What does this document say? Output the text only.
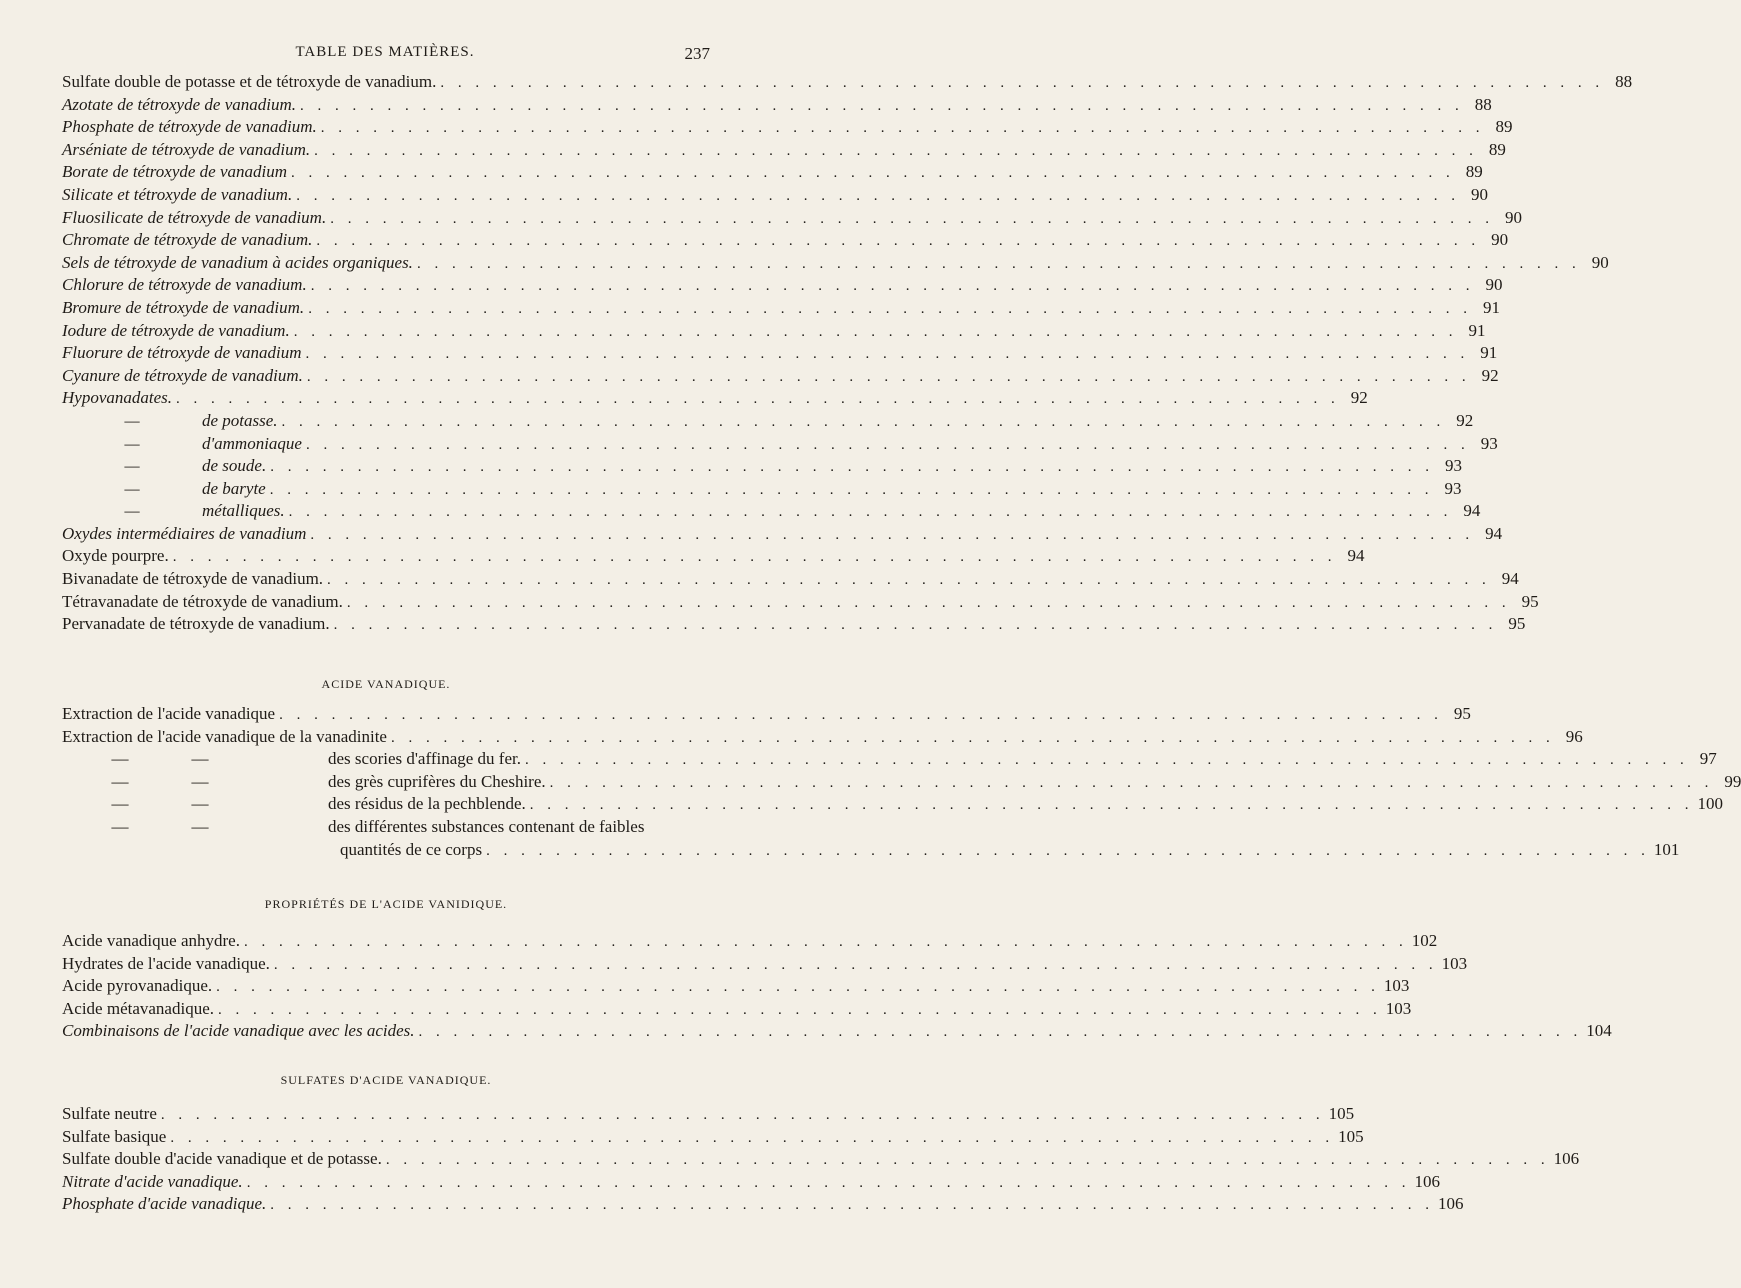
TABLE DES MATIÈRES.	237
Sulfate double de potasse et de tétroxyde de vanadium. . . . . . . . . . . . . . . . . . . . . . . . . . . . . . . . . . . . . . . . . . . . . . . . . . . . . . . . . . . . . . . . . . . . 88
Azotate de tétroxyde de vanadium. . . . . . . . . . . . . . . . . . . . . . . . . . . . . . . . . . . . . . . . . . . . . . . . . . . . . . . . . . . . . . . . . . . . 88
Phosphate de tétroxyde de vanadium. . . . . . . . . . . . . . . . . . . . . . . . . . . . . . . . . . . . . . . . . . . . . . . . . . . . . . . . . . . . . . . . . . . . 89
Arséniate de tétroxyde de vanadium. . . . . . . . . . . . . . . . . . . . . . . . . . . . . . . . . . . . . . . . . . . . . . . . . . . . . . . . . . . . . . . . . . . . 89
Borate de tétroxyde de vanadium . . . . . . . . . . . . . . . . . . . . . . . . . . . . . . . . . . . . . . . . . . . . . . . . . . . . . . . . . . . . . . . . . . . 89
Silicate et tétroxyde de vanadium. . . . . . . . . . . . . . . . . . . . . . . . . . . . . . . . . . . . . . . . . . . . . . . . . . . . . . . . . . . . . . . . . . . . 90
Fluosilicate de tétroxyde de vanadium. . . . . . . . . . . . . . . . . . . . . . . . . . . . . . . . . . . . . . . . . . . . . . . . . . . . . . . . . . . . . . . . . . . . 90
Chromate de tétroxyde de vanadium. . . . . . . . . . . . . . . . . . . . . . . . . . . . . . . . . . . . . . . . . . . . . . . . . . . . . . . . . . . . . . . . . . . . 90
Sels de tétroxyde de vanadium à acides organiques. . . . . . . . . . . . . . . . . . . . . . . . . . . . . . . . . . . . . . . . . . . . . . . . . . . . . . . . . . . . . . . . . . . . 90
Chlorure de tétroxyde de vanadium. . . . . . . . . . . . . . . . . . . . . . . . . . . . . . . . . . . . . . . . . . . . . . . . . . . . . . . . . . . . . . . . . . . . 90
Bromure de tétroxyde de vanadium. . . . . . . . . . . . . . . . . . . . . . . . . . . . . . . . . . . . . . . . . . . . . . . . . . . . . . . . . . . . . . . . . . . . 91
Iodure de tétroxyde de vanadium. . . . . . . . . . . . . . . . . . . . . . . . . . . . . . . . . . . . . . . . . . . . . . . . . . . . . . . . . . . . . . . . . . . . 91
Fluorure de tétroxyde de vanadium . . . . . . . . . . . . . . . . . . . . . . . . . . . . . . . . . . . . . . . . . . . . . . . . . . . . . . . . . . . . . . . . . . . 91
Cyanure de tétroxyde de vanadium. . . . . . . . . . . . . . . . . . . . . . . . . . . . . . . . . . . . . . . . . . . . . . . . . . . . . . . . . . . . . . . . . . . . 92
Hypovanadates. . . . . . . . . . . . . . . . . . . . . . . . . . . . . . . . . . . . . . . . . . . . . . . . . . . . . . . . . . . . . . . . . . . . 92
—	de potasse. . . . . . . . . . . . . . . . . . . . . . . . . . . . . . . . . . . . . . . . . . . . . . . . . . . . . . . . . . . . . . . . . . . . 92
—	d'ammoniaque . . . . . . . . . . . . . . . . . . . . . . . . . . . . . . . . . . . . . . . . . . . . . . . . . . . . . . . . . . . . . . . . . . . 93
—	de soude. . . . . . . . . . . . . . . . . . . . . . . . . . . . . . . . . . . . . . . . . . . . . . . . . . . . . . . . . . . . . . . . . . . . 93
—	de baryte . . . . . . . . . . . . . . . . . . . . . . . . . . . . . . . . . . . . . . . . . . . . . . . . . . . . . . . . . . . . . . . . . . . 93
—	métalliques. . . . . . . . . . . . . . . . . . . . . . . . . . . . . . . . . . . . . . . . . . . . . . . . . . . . . . . . . . . . . . . . . . . . 94
Oxydes intermédiaires de vanadium . . . . . . . . . . . . . . . . . . . . . . . . . . . . . . . . . . . . . . . . . . . . . . . . . . . . . . . . . . . . . . . . . . . 94
Oxyde pourpre. . . . . . . . . . . . . . . . . . . . . . . . . . . . . . . . . . . . . . . . . . . . . . . . . . . . . . . . . . . . . . . . . . . . 94
Bivanadate de tétroxyde de vanadium. . . . . . . . . . . . . . . . . . . . . . . . . . . . . . . . . . . . . . . . . . . . . . . . . . . . . . . . . . . . . . . . . . . . 94
Tétravanadate de tétroxyde de vanadium. . . . . . . . . . . . . . . . . . . . . . . . . . . . . . . . . . . . . . . . . . . . . . . . . . . . . . . . . . . . . . . . . . . . 95
Pervanadate de tétroxyde de vanadium. . . . . . . . . . . . . . . . . . . . . . . . . . . . . . . . . . . . . . . . . . . . . . . . . . . . . . . . . . . . . . . . . . . . 95
ACIDE VANADIQUE.
Extraction de l'acide vanadique . . . . . . . . . . . . . . . . . . . . . . . . . . . . . . . . . . . . . . . . . . . . . . . . . . . . . . . . . . . . . . . . . . . 95
Extraction de l'acide vanadique de la vanadinite . . . . . . . . . . . . . . . . . . . . . . . . . . . . . . . . . . . . . . . . . . . . . . . . . . . . . . . . . . . . . . . . . . . 96
—	—	des scories d'affinage du fer. . . . . . . . . . . . . . . . . . . . . . . . . . . . . . . . . . . . . . . . . . . . . . . . . . . . . . . . . . . . . . . . . . . . 97
—	—	des grès cuprifères du Cheshire. . . . . . . . . . . . . . . . . . . . . . . . . . . . . . . . . . . . . . . . . . . . . . . . . . . . . . . . . . . . . . . . . . . . 99
—	—	des résidus de la pechblende. . . . . . . . . . . . . . . . . . . . . . . . . . . . . . . . . . . . . . . . . . . . . . . . . . . . . . . . . . . . . . . . . . . . 100
—	—	des différentes substances contenant de faibles
quantités de ce corps . . . . . . . . . . . . . . . . . . . . . . . . . . . . . . . . . . . . . . . . . . . . . . . . . . . . . . . . . . . . . . . . . . . 101
PROPRIÉTÉS DE L'ACIDE VANIDIQUE.
Acide vanadique anhydre. . . . . . . . . . . . . . . . . . . . . . . . . . . . . . . . . . . . . . . . . . . . . . . . . . . . . . . . . . . . . . . . . . . . 102
Hydrates de l'acide vanadique. . . . . . . . . . . . . . . . . . . . . . . . . . . . . . . . . . . . . . . . . . . . . . . . . . . . . . . . . . . . . . . . . . . . 103
Acide pyrovanadique. . . . . . . . . . . . . . . . . . . . . . . . . . . . . . . . . . . . . . . . . . . . . . . . . . . . . . . . . . . . . . . . . . . . 103
Acide métavanadique. . . . . . . . . . . . . . . . . . . . . . . . . . . . . . . . . . . . . . . . . . . . . . . . . . . . . . . . . . . . . . . . . . . . 103
Combinaisons de l'acide vanadique avec les acides. . . . . . . . . . . . . . . . . . . . . . . . . . . . . . . . . . . . . . . . . . . . . . . . . . . . . . . . . . . . . . . . . . . . 104
SULFATES D'ACIDE VANADIQUE.
Sulfate neutre . . . . . . . . . . . . . . . . . . . . . . . . . . . . . . . . . . . . . . . . . . . . . . . . . . . . . . . . . . . . . . . . . . . 105
Sulfate basique . . . . . . . . . . . . . . . . . . . . . . . . . . . . . . . . . . . . . . . . . . . . . . . . . . . . . . . . . . . . . . . . . . . 105
Sulfate double d'acide vanadique et de potasse. . . . . . . . . . . . . . . . . . . . . . . . . . . . . . . . . . . . . . . . . . . . . . . . . . . . . . . . . . . . . . . . . . . . 106
Nitrate d'acide vanadique. . . . . . . . . . . . . . . . . . . . . . . . . . . . . . . . . . . . . . . . . . . . . . . . . . . . . . . . . . . . . . . . . . . . 106
Phosphate d'acide vanadique. . . . . . . . . . . . . . . . . . . . . . . . . . . . . . . . . . . . . . . . . . . . . . . . . . . . . . . . . . . . . . . . . . . . 106
